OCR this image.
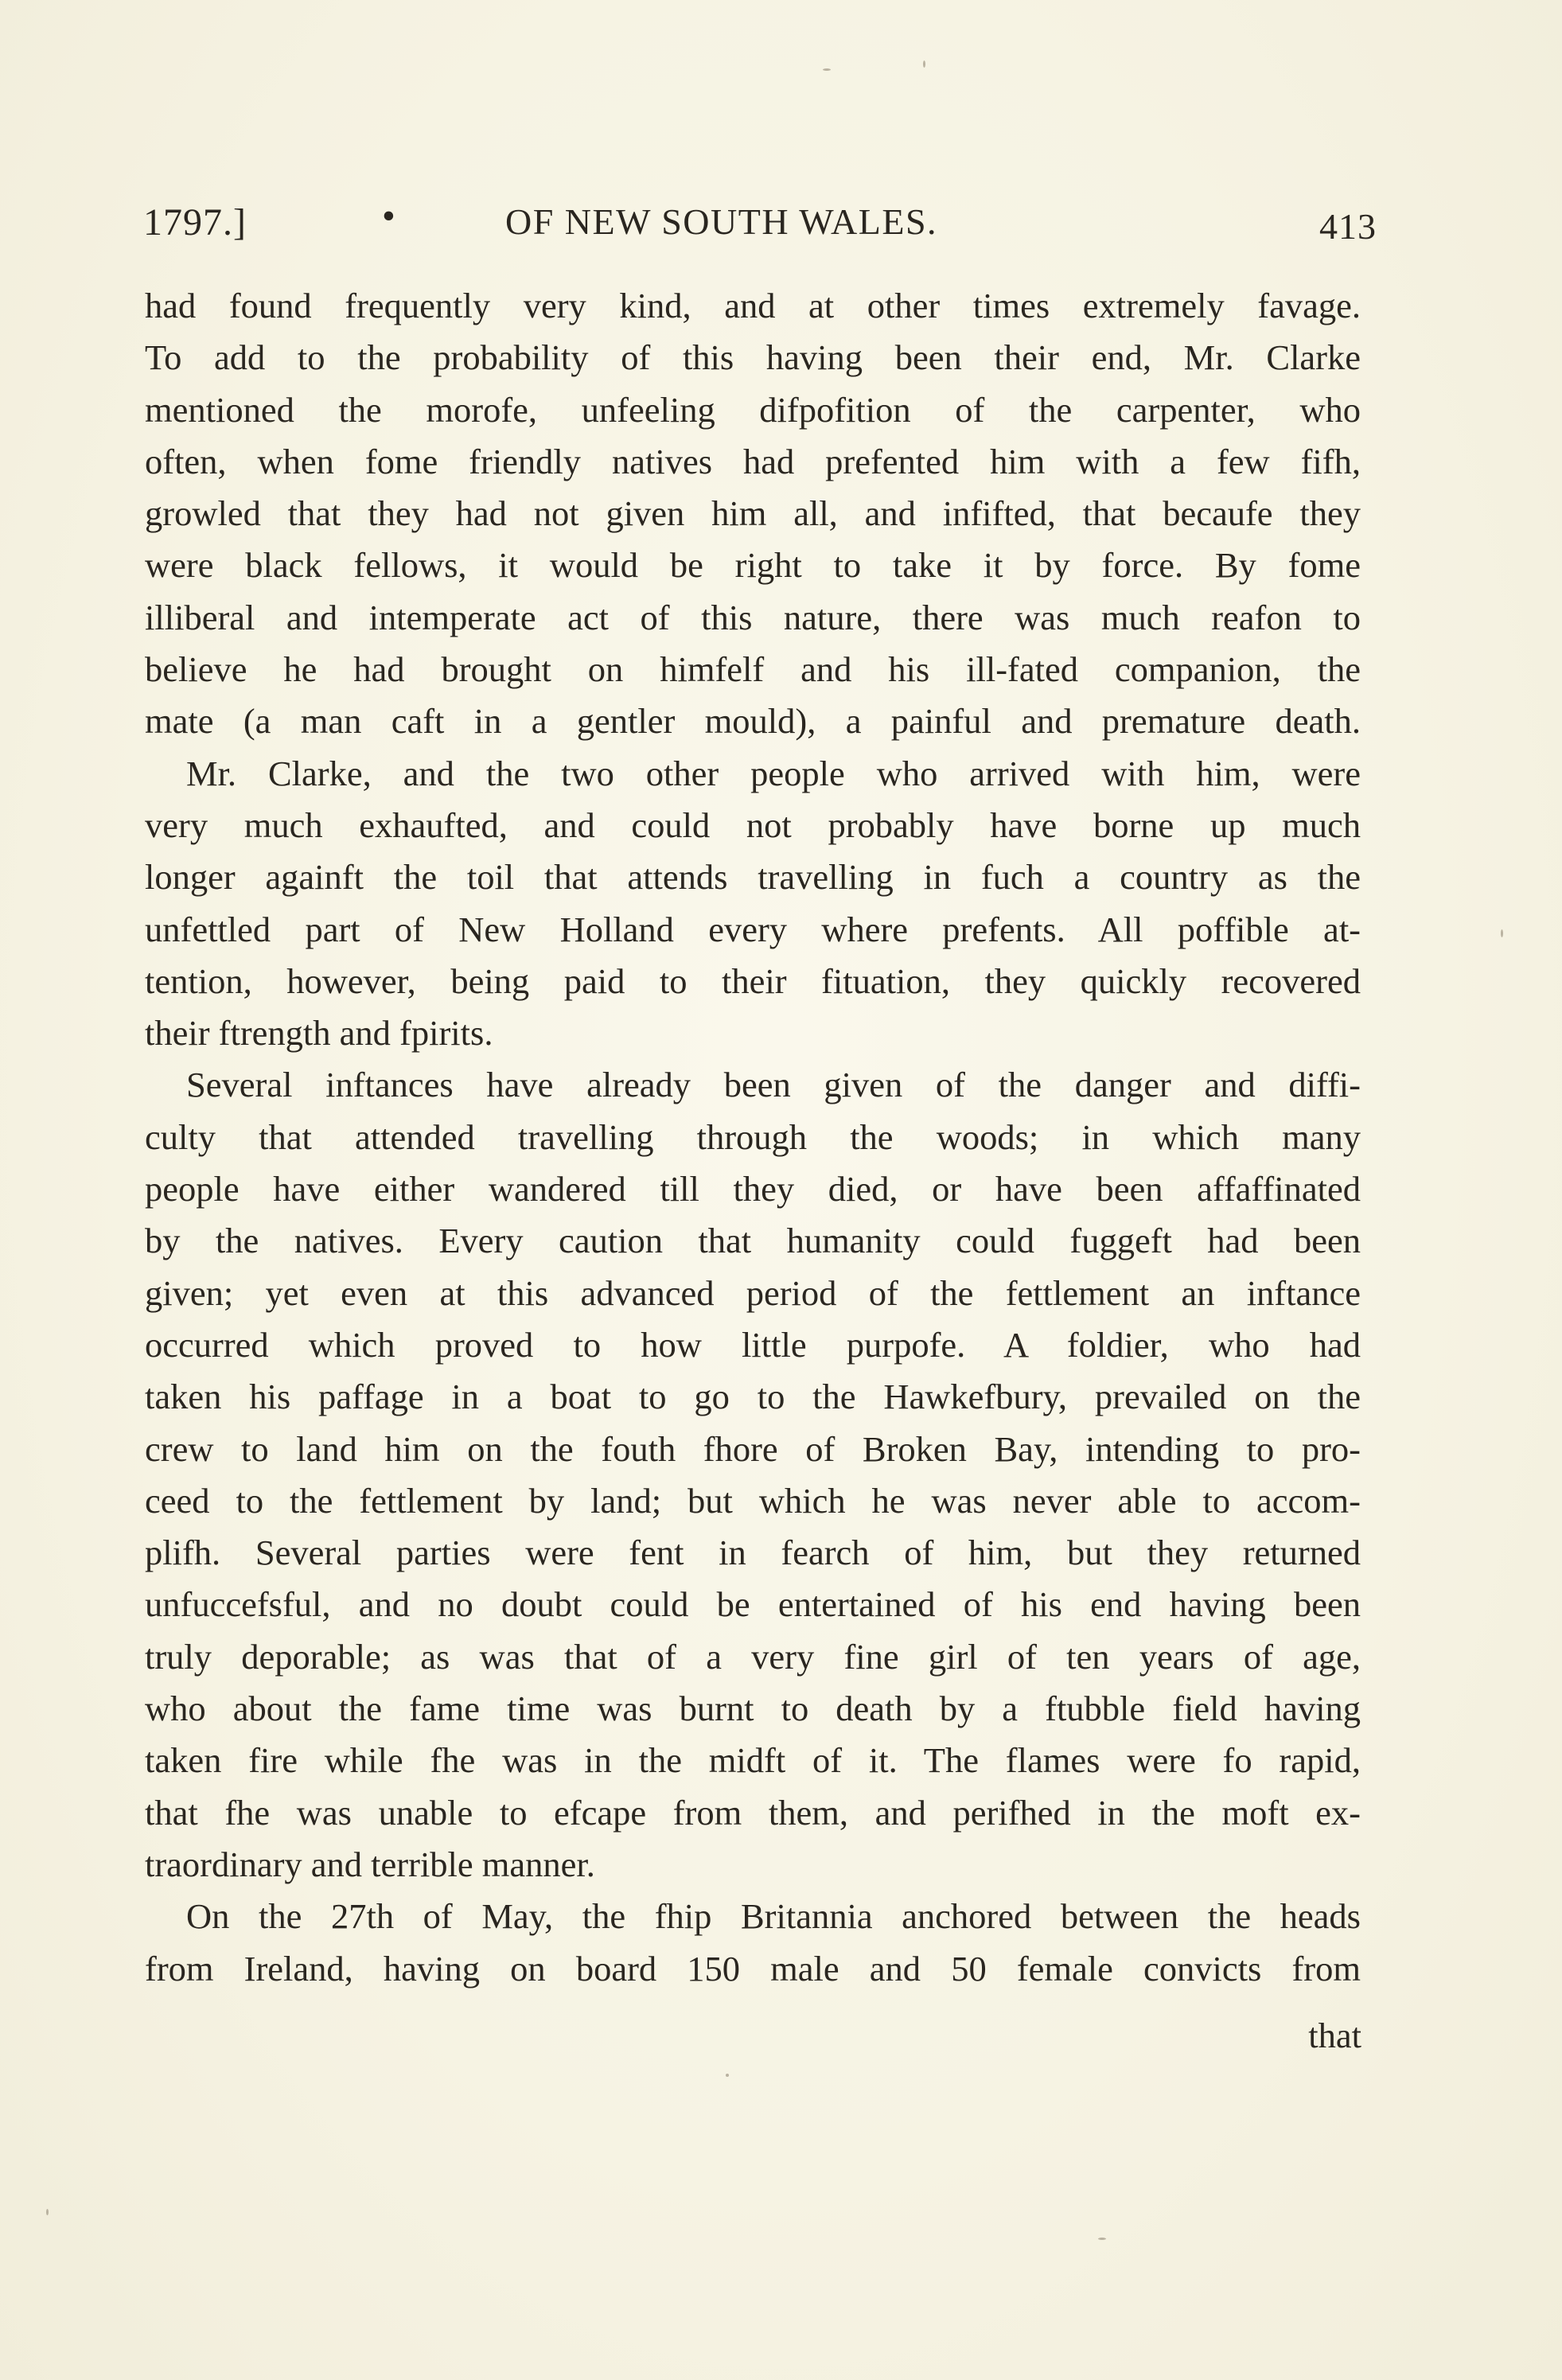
1797.]	•	OF NEW SOUTH WALES.	413
had found frequently very kind, and at other times extremely favage.
To add to the probability of this having been their end, Mr. Clarke
mentioned the morofe, unfeeling difpofition of the carpenter, who
often, when fome friendly natives had prefented him with a few fifh,
growled that they had not given him all, and infifted, that becaufe they
were black fellows, it would be right to take it by force. By fome
illiberal and intemperate act of this nature, there was much reafon to
believe he had brought on himfelf and his ill-fated companion, the
mate (a man caft in a gentler mould), a painful and premature death.
Mr. Clarke, and the two other people who arrived with him, were
very much exhaufted, and could not probably have borne up much
longer againft the toil that attends travelling in fuch a country as the
unfettled part of New Holland every where prefents. All poffible at-
tention, however, being paid to their fituation, they quickly recovered
their ftrength and fpirits.
Several inftances have already been given of the danger and diffi-
culty that attended travelling through the woods; in which many
people have either wandered till they died, or have been affaffinated
by the natives. Every caution that humanity could fuggeft had been
given; yet even at this advanced period of the fettlement an inftance
occurred which proved to how little purpofe. A foldier, who had
taken his paffage in a boat to go to the Hawkefbury, prevailed on the
crew to land him on the fouth fhore of Broken Bay, intending to pro-
ceed to the fettlement by land; but which he was never able to accom-
plifh. Several parties were fent in fearch of him, but they returned
unfuccefsful, and no doubt could be entertained of his end having been
truly deporable; as was that of a very fine girl of ten years of age,
who about the fame time was burnt to death by a ftubble field having
taken fire while fhe was in the midft of it. The flames were fo rapid,
that fhe was unable to efcape from them, and perifhed in the moft ex-
traordinary and terrible manner.
On the 27th of May, the fhip Britannia anchored between the heads
from Ireland, having on board 150 male and 50 female convicts from
that
